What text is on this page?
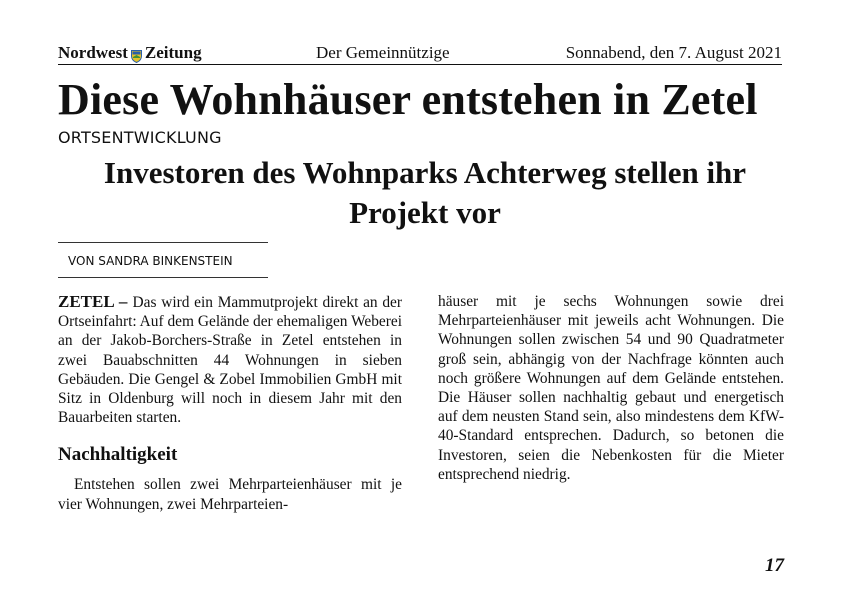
Nordwest Zeitung	Der Gemeinnützige	Sonnabend, den 7. August 2021
Diese Wohnhäuser entstehen in Zetel
ORTSENTWICKLUNG
Investoren des Wohnparks Achterweg stellen ihr Projekt vor
VON SANDRA BINKENSTEIN

ZETEL – Das wird ein Mammutprojekt direkt an der Ortseinfahrt: Auf dem Gelände der ehemaligen Weberei an der Jakob-Borchers-Straße in Zetel entstehen in zwei Bauabschnitten 44 Wohnungen in sieben Gebäuden. Die Gengel & Zobel Immobilien GmbH mit Sitz in Oldenburg will noch in diesem Jahr mit den Bauarbeiten starten.

Nachhaltigkeit

Entstehen sollen zwei Mehrparteienhäuser mit je vier Wohnungen, zwei Mehrparteien-

häuser mit je sechs Wohnungen sowie drei Mehrparteienhäuser mit jeweils acht Wohnungen. Die Wohnungen sollen zwischen 54 und 90 Quadratmeter groß sein, abhängig von der Nachfrage könnten auch noch größere Wohnungen auf dem Gelände entstehen. Die Häuser sollen nachhaltig gebaut und energetisch auf dem neusten Stand sein, also mindestens dem KfW-40-Standard entsprechen. Dadurch, so betonen die Investoren, seien die Nebenkosten für die Mieter entsprechend niedrig.

17
